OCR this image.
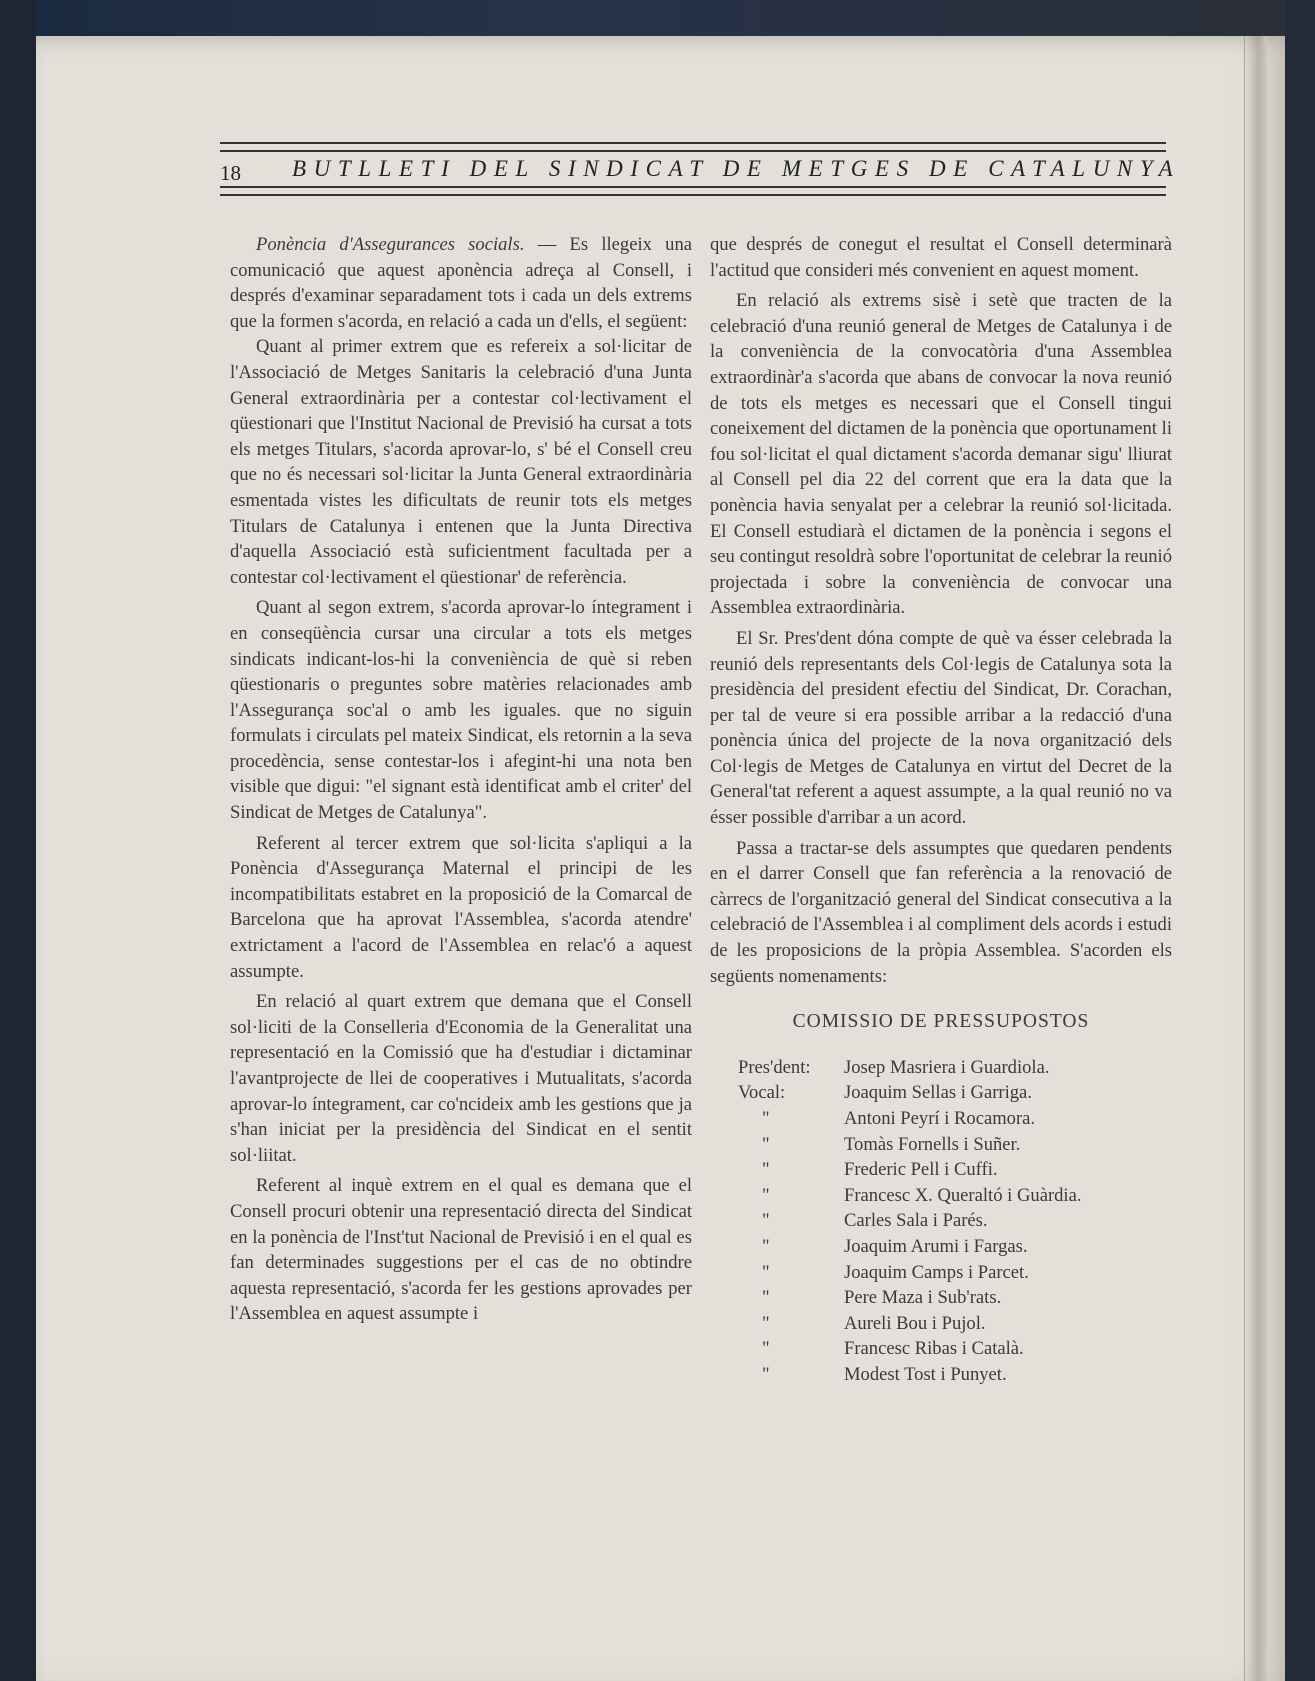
18 BUTLLETI DEL SINDICAT DE METGES DE CATALUNYA

Ponència d'Assegurances socials. — Es llegeix una comunicació que aquest aponència adreça al Consell, i després d'examinar separadament tots i cada un dels extrems que la formen s'acorda, en relació a cada un d'ells, el següent:

Quant al primer extrem que es refereix a sol·licitar de l'Associació de Metges Sanitaris la celebració d'una Junta General extraordinària per a contestar col·lectivament el qüestionari que l'Institut Nacional de Previsió ha cursat a tots els metges Titulars, s'acorda aprovar-lo, s' bé el Consell creu que no és necessari sol·licitar la Junta General extraordinària esmentada vistes les dificultats de reunir tots els metges Titulars de Catalunya i entenen que la Junta Directiva d'aquella Associació està suficientment facultada per a contestar col·lectivament el qüestionar' de referència.

Quant al segon extrem, s'acorda aprovar-lo íntegrament i en conseqüència cursar una circular a tots els metges sindicats indicant-los-hi la conveniència de què si reben qüestionaris o preguntes sobre matèries relacionades amb l'Assegurança soc'al o amb les iguales. que no siguin formulats i circulats pel mateix Sindicat, els retornin a la seva procedència, sense contestar-los i afegint-hi una nota ben visible que digui: "el signant està identificat amb el criter' del Sindicat de Metges de Catalunya".

Referent al tercer extrem que sol·licita s'apliqui a la Ponència d'Assegurança Maternal el principi de les incompatibilitats estabret en la proposició de la Comarcal de Barcelona que ha aprovat l'Assemblea, s'acorda atendre' extrictament a l'acord de l'Assemblea en relac'ó a aquest assumpte.

En relació al quart extrem que demana que el Consell sol·liciti de la Conselleria d'Economia de la Generalitat una representació en la Comissió que ha d'estudiar i dictaminar l'avantprojecte de llei de cooperatives i Mutualitats, s'acorda aprovar-lo íntegrament, car co'ncideix amb les gestions que ja s'han iniciat per la presidència del Sindicat en el sentit sol·liitat.

Referent al inquè extrem en el qual es demana que el Consell procuri obtenir una representació directa del Sindicat en la ponència de l'Inst'tut Nacional de Previsió i en el qual es fan determinades suggestions per el cas de no obtindre aquesta representació, s'acorda fer les gestions aprovades per l'Assemblea en aquest assumpte i

que després de conegut el resultat el Consell determinarà l'actitud que consideri més convenient en aquest moment.

En relació als extrems sisè i setè que tracten de la celebració d'una reunió general de Metges de Catalunya i de la conveniència de la convocatòria d'una Assemblea extraordinàr'a s'acorda que abans de convocar la nova reunió de tots els metges es necessari que el Consell tingui coneixement del dictamen de la ponència que oportunament li fou sol·licitat el qual dictament s'acorda demanar sigu' lliurat al Consell pel dia 22 del corrent que era la data que la ponència havia senyalat per a celebrar la reunió sol·licitada. El Consell estudiarà el dictamen de la ponència i segons el seu contingut resoldrà sobre l'oportunitat de celebrar la reunió projectada i sobre la conveniència de convocar una Assemblea extraordinària.

El Sr. Pres'dent dóna compte de què va ésser celebrada la reunió dels representants dels Col·legis de Catalunya sota la presidència del president efectiu del Sindicat, Dr. Corachan, per tal de veure si era possible arribar a la redacció d'una ponència única del projecte de la nova organització dels Col·legis de Metges de Catalunya en virtut del Decret de la General'tat referent a aquest assumpte, a la qual reunió no va ésser possible d'arribar a un acord.

Passa a tractar-se dels assumptes que quedaren pendents en el darrer Consell que fan referència a la renovació de càrrecs de l'organització general del Sindicat consecutiva a la celebració de l'Assemblea i al compliment dels acords i estudi de les proposicions de la pròpia Assemblea. S'acorden els següents nomenaments:

COMISSIO DE PRESSUPOSTOS
Pres'dent:	Josep Masriera i Guardiola.
Vocal:	Joaquim Sellas i Garriga.
"	Antoni Peyrí i Rocamora.
"	Tomàs Fornells i Suñer.
"	Frederic Pell i Cuffi.
"	Francesc X. Queraltó i Guàrdia.
"	Carles Sala i Parés.
"	Joaquim Arumi i Fargas.
"	Joaquim Camps i Parcet.
"	Pere Maza i Sub'rats.
"	Aureli Bou i Pujol.
"	Francesc Ribas i Català.
"	Modest Tost i Punyet.
